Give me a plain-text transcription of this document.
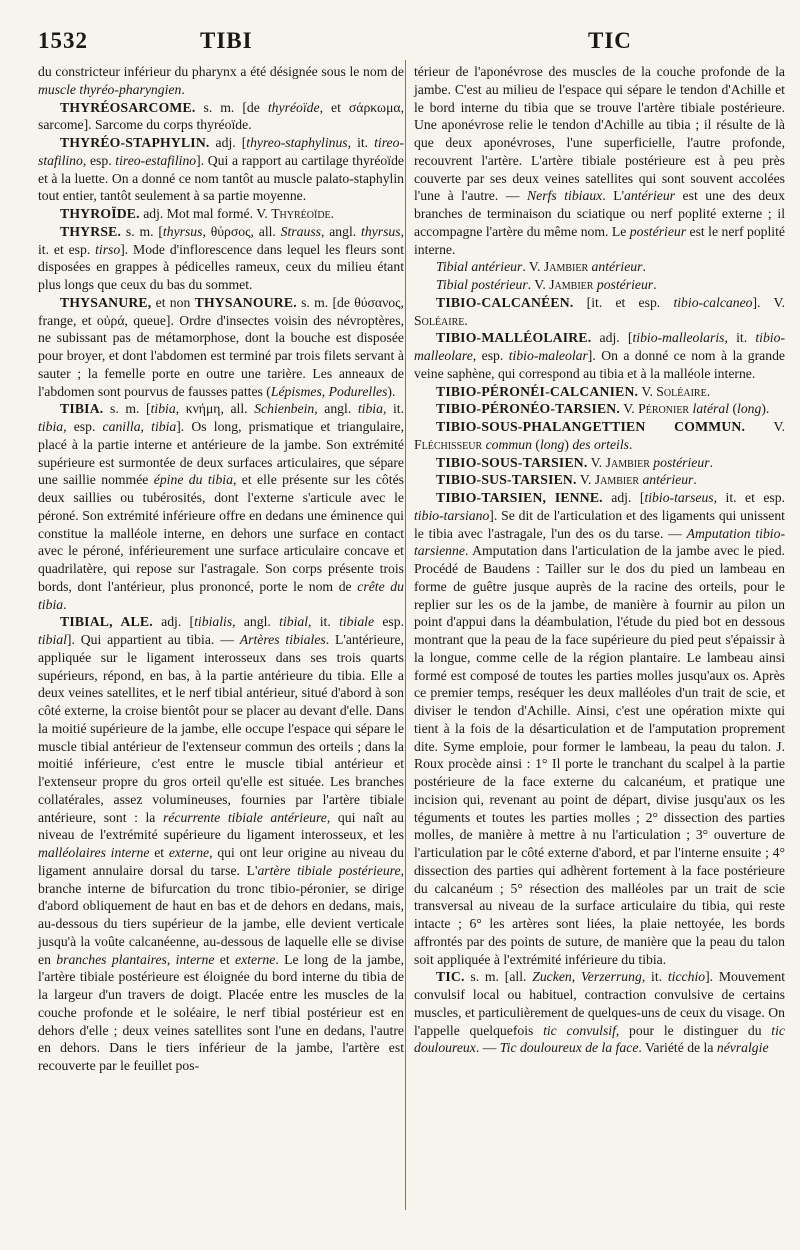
1532	TIBI	TIC

du constricteur inférieur du pharynx a été désignée sous le nom de muscle thyréo-pharyngien.

THYRÉOSARCOME. s. m. [de thyréoïde, et σάρκωμα, sarcome]. Sarcome du corps thyréoïde.

THYRÉO-STAPHYLIN. adj. [thyreo-staphylinus, it. tireo-stafilino, esp. tireo-estafilino]. Qui a rapport au cartilage thyréoïde et à la luette. On a donné ce nom tantôt au muscle palato-staphylin tout entier, tantôt seulement à sa partie moyenne.

THYROÏDE. adj. Mot mal formé. V. Thyréoïde.

THYRSE. s. m. [thyrsus, θύρσος, all. Strauss, angl. thyrsus, it. et esp. tirso]. Mode d'inflorescence dans lequel les fleurs sont disposées en grappes à pédicelles rameux, ceux du milieu étant plus longs que ceux du bas du sommet.

THYSANURE, et non THYSANOURE. s. m. [de θύσανος, frange, et οὐρά, queue]. Ordre d'insectes voisin des névroptères, ne subissant pas de métamorphose, dont la bouche est disposée pour broyer, et dont l'abdomen est terminé par trois filets servant à sauter ; la femelle porte en outre une tarière. Les anneaux de l'abdomen sont pourvus de fausses pattes (Lépismes, Podurelles).

TIBIA. s. m. [tibia, κνήμη, all. Schienbein, angl. tibia, it. tibia, esp. canilla, tibia]. Os long, prismatique et triangulaire, placé à la partie interne et antérieure de la jambe. Son extrémité supérieure est surmontée de deux surfaces articulaires, que sépare une saillie nommée épine du tibia, et elle présente sur les côtés deux saillies ou tubérosités, dont l'externe s'articule avec le péroné. Son extrémité inférieure offre en dedans une éminence qui constitue la malléole interne, en dehors une surface en contact avec le péroné, inférieurement une surface articulaire concave et quadrilatère, qui repose sur l'astragale. Son corps présente trois bords, dont l'antérieur, plus prononcé, porte le nom de crête du tibia.

TIBIAL, ALE. adj. [tibialis, angl. tibial, it. tibiale esp. tibial]. Qui appartient au tibia. — Artères tibiales. L'antérieure, appliquée sur le ligament interosseux dans ses trois quarts supérieurs, répond, en bas, à la partie antérieure du tibia. Elle a deux veines satellites, et le nerf tibial antérieur, situé d'abord à son côté externe, la croise bientôt pour se placer au devant d'elle. Dans la moitié supérieure de la jambe, elle occupe l'espace qui sépare le muscle tibial antérieur de l'extenseur commun des orteils ; dans la moitié inférieure, c'est entre le muscle tibial antérieur et l'extenseur propre du gros orteil qu'elle est située. Les branches collatérales, assez volumineuses, fournies par l'artère tibiale antérieure, sont : la récurrente tibiale antérieure, qui naît au niveau de l'extrémité supérieure du ligament interosseux, et les malléolaires interne et externe, qui ont leur origine au niveau du ligament annulaire dorsal du tarse. L'artère tibiale postérieure, branche interne de bifurcation du tronc tibio-péronier, se dirige d'abord obliquement de haut en bas et de dehors en dedans, mais, au-dessous du tiers supérieur de la jambe, elle devient verticale jusqu'à la voûte calcanéenne, au-dessous de laquelle elle se divise en branches plantaires, interne et externe. Le long de la jambe, l'artère tibiale postérieure est éloignée du bord interne du tibia de la largeur d'un travers de doigt. Placée entre les muscles de la couche profonde et le soléaire, le nerf tibial postérieur est en dehors d'elle ; deux veines satellites sont l'une en dedans, l'autre en dehors. Dans le tiers inférieur de la jambe, l'artère est recouverte par le feuillet pos-

térieur de l'aponévrose des muscles de la couche profonde de la jambe. C'est au milieu de l'espace qui sépare le tendon d'Achille et le bord interne du tibia que se trouve l'artère tibiale postérieure. Une aponévrose relie le tendon d'Achille au tibia ; il résulte de là que deux aponévroses, l'une superficielle, l'autre profonde, recouvrent l'artère. L'artère tibiale postérieure est à peu près couverte par ses deux veines satellites qui sont souvent accolées l'une à l'autre. — Nerfs tibiaux. L'antérieur est une des deux branches de terminaison du sciatique ou nerf poplité externe ; il accompagne l'artère du même nom. Le postérieur est le nerf poplité interne.

Tibial antérieur. V. Jambier antérieur.

Tibial postérieur. V. Jambier postérieur.

TIBIO-CALCANÉEN. [it. et esp. tibio-calcaneo]. V. Soléaire.

TIBIO-MALLÉOLAIRE. adj. [tibio-malleolaris, it. tibio-malleolare, esp. tibio-maleolar]. On a donné ce nom à la grande veine saphène, qui correspond au tibia et à la malléole interne.

TIBIO-PÉRONÉI-CALCANIEN. V. Soléaire.

TIBIO-PÉRONÉO-TARSIEN. V. Péronier latéral (long).

TIBIO-SOUS-PHALANGETTIEN COMMUN. V. Fléchisseur commun (long) des orteils.

TIBIO-SOUS-TARSIEN. V. Jambier postérieur.

TIBIO-SUS-TARSIEN. V. Jambier antérieur.

TIBIO-TARSIEN, IENNE. adj. [tibio-tarseus, it. et esp. tibio-tarsiano]. Se dit de l'articulation et des ligaments qui unissent le tibia avec l'astragale, l'un des os du tarse. — Amputation tibio-tarsienne. Amputation dans l'articulation de la jambe avec le pied. Procédé de Baudens : Tailler sur le dos du pied un lambeau en forme de guêtre jusque auprès de la racine des orteils, pour le replier sur les os de la jambe, de manière à fournir au pilon un point d'appui dans la déambulation, l'étude du pied bot en dessous montrant que la peau de la face supérieure du pied peut s'épaissir à la longue, comme celle de la région plantaire. Le lambeau ainsi formé est composé de toutes les parties molles jusqu'aux os. Après ce premier temps, reséquer les deux malléoles d'un trait de scie, et diviser le tendon d'Achille. Ainsi, c'est une opération mixte qui tient à la fois de la désarticulation et de l'amputation proprement dite. Syme emploie, pour former le lambeau, la peau du talon. J. Roux procède ainsi : 1° Il porte le tranchant du scalpel à la partie postérieure de la face externe du calcanéum, et pratique une incision qui, revenant au point de départ, divise jusqu'aux os les téguments et toutes les parties molles ; 2° dissection des parties molles, de manière à mettre à nu l'articulation ; 3° ouverture de l'articulation par le côté externe d'abord, et par l'interne ensuite ; 4° dissection des parties qui adhèrent fortement à la face postérieure du calcanéum ; 5° résection des malléoles par un trait de scie transversal au niveau de la surface articulaire du tibia, qui reste intacte ; 6° les artères sont liées, la plaie nettoyée, les bords affrontés par des points de suture, de manière que la peau du talon soit appliquée à l'extrémité inférieure du tibia.

TIC. s. m. [all. Zucken, Verzerrung, it. ticchio]. Mouvement convulsif local ou habituel, contraction convulsive de certains muscles, et particulièrement de quelques-uns de ceux du visage. On l'appelle quelquefois tic convulsif, pour le distinguer du tic douloureux. — Tic douloureux de la face. Variété de la névralgie
